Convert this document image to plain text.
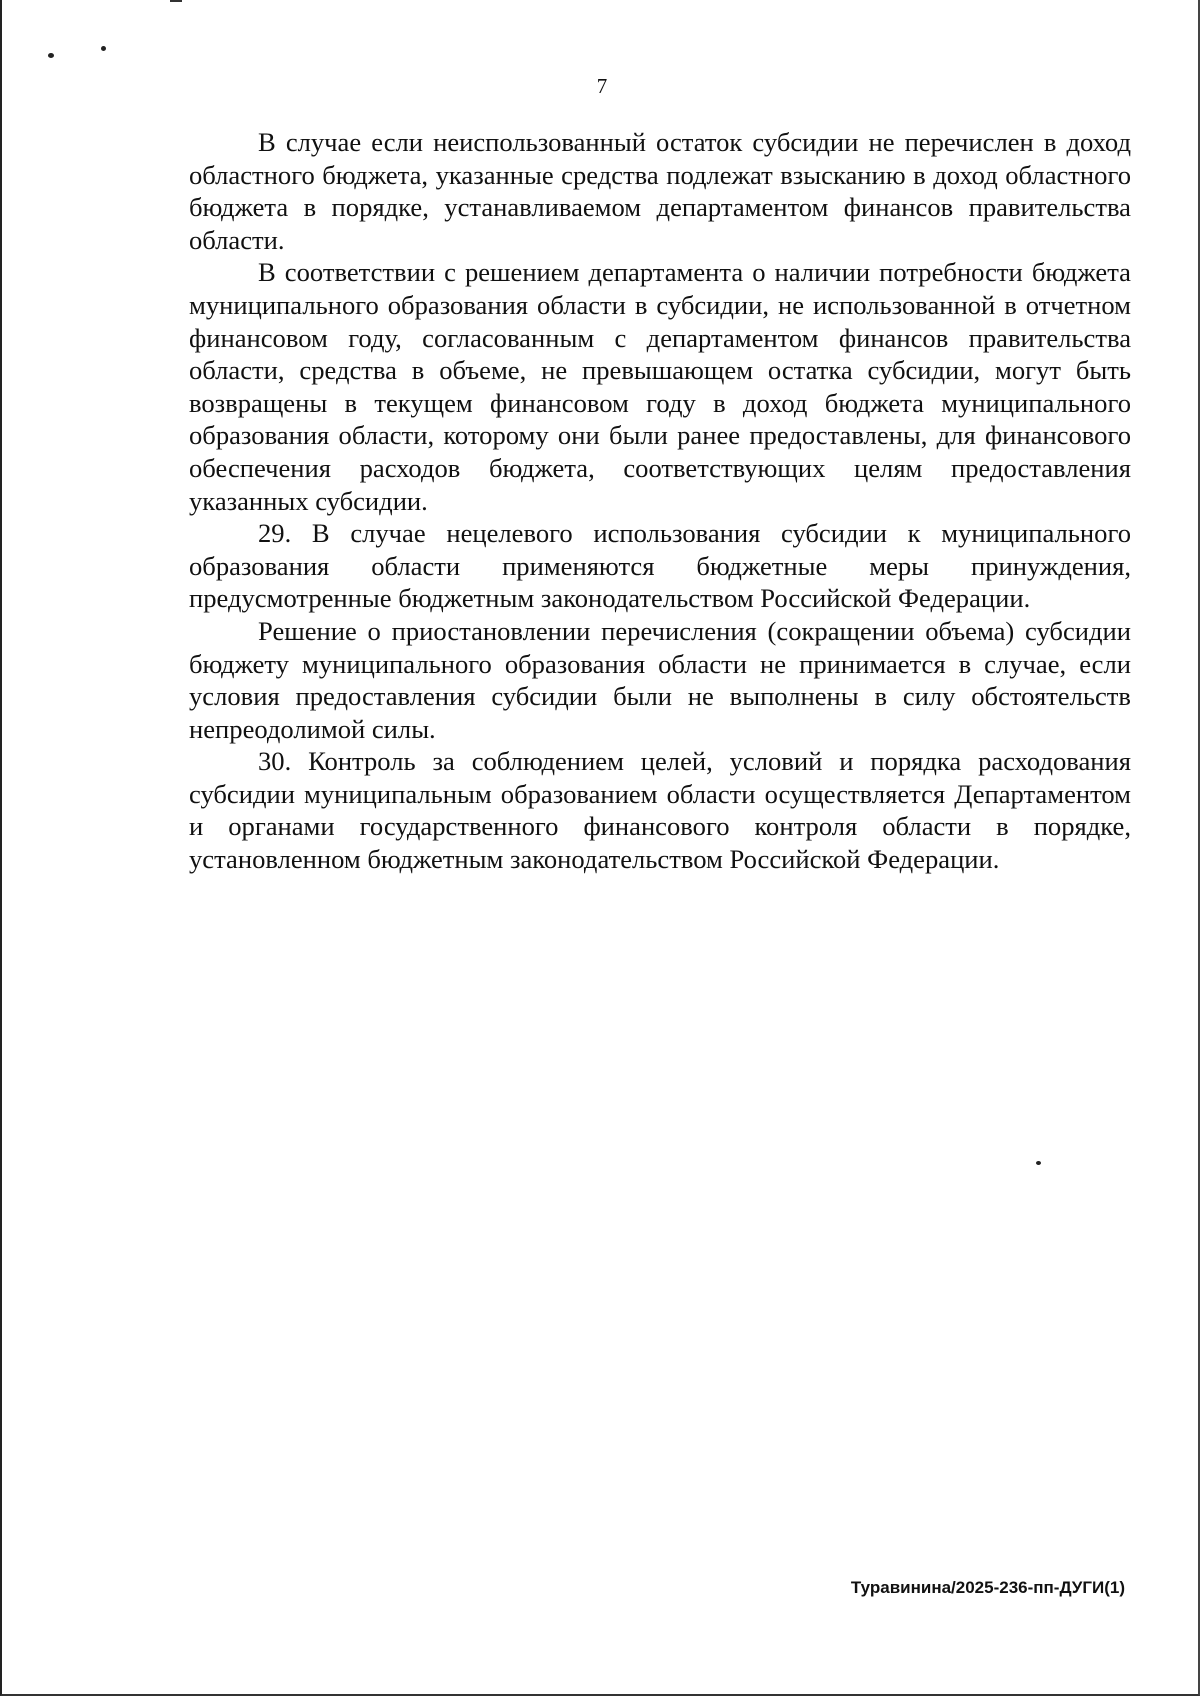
7

В случае если неиспользованный остаток субсидии не перечислен в доход областного бюджета, указанные средства подлежат взысканию в доход областного бюджета в порядке, устанавливаемом департаментом финансов правительства области.

В соответствии с решением департамента о наличии потребности бюджета муниципального образования области в субсидии, не использованной в отчетном финансовом году, согласованным с департаментом финансов правительства области, средства в объеме, не превышающем остатка субсидии, могут быть возвращены в текущем финансовом году в доход бюджета муниципального образования области, которому они были ранее предоставлены, для финансового обеспечения расходов бюджета, соответствующих целям предоставления указанных субсидии.

29. В случае нецелевого использования субсидии к муниципального образования области применяются бюджетные меры принуждения, предусмотренные бюджетным законодательством Российской Федерации.

Решение о приостановлении перечисления (сокращении объема) субсидии бюджету муниципального образования области не принимается в случае, если условия предоставления субсидии были не выполнены в силу обстоятельств непреодолимой силы.

30. Контроль за соблюдением целей, условий и порядка расходования субсидии муниципальным образованием области осуществляется Департаментом и органами государственного финансового контроля области в порядке, установленном бюджетным законодательством Российской Федерации.

Туравинина/2025-236-пп-ДУГИ(1)
